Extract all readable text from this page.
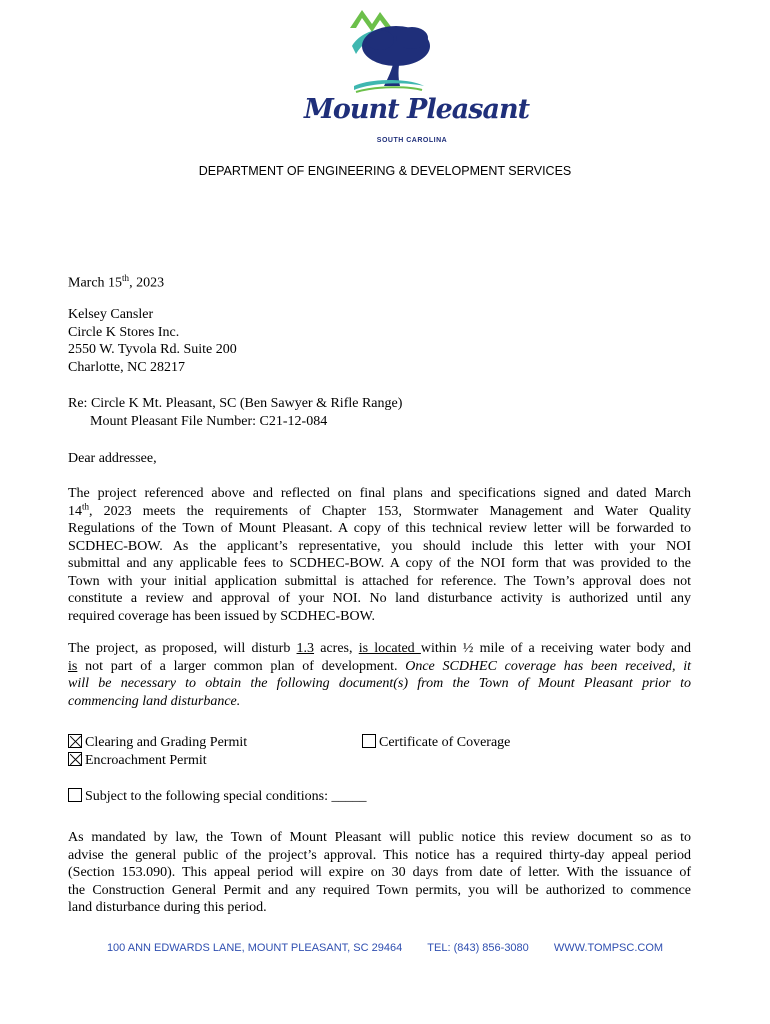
Mount Pleasant
SOUTH CAROLINA
DEPARTMENT OF ENGINEERING & DEVELOPMENT SERVICES
March 15th, 2023
Kelsey Cansler
Circle K Stores Inc.
2550 W. Tyvola Rd. Suite 200
Charlotte, NC 28217
Re: Circle K Mt. Pleasant, SC (Ben Sawyer & Rifle Range)
Mount Pleasant File Number: C21-12-084
Dear addressee,
The project referenced above and reflected on final plans and specifications signed and dated March
14th, 2023 meets the requirements of Chapter 153, Stormwater Management and Water Quality
Regulations of the Town of Mount Pleasant. A copy of this technical review letter will be forwarded to
SCDHEC-BOW. As the applicant’s representative, you should include this letter with your NOI
submittal and any applicable fees to SCDHEC-BOW. A copy of the NOI form that was provided to the
Town with your initial application submittal is attached for reference. The Town’s approval does not
constitute a review and approval of your NOI. No land disturbance activity is authorized until any
required coverage has been issued by SCDHEC-BOW.
The project, as proposed, will disturb 1.3 acres, is located within ½ mile of a receiving water body and
is not part of a larger common plan of development. Once SCDHEC coverage has been received, it
will be necessary to obtain the following document(s) from the Town of Mount Pleasant prior to
commencing land disturbance.
Clearing and Grading Permit	Certificate of Coverage
Encroachment Permit
Subject to the following special conditions: _____
As mandated by law, the Town of Mount Pleasant will public notice this review document so as to
advise the general public of the project’s approval. This notice has a required thirty-day appeal period
(Section 153.090). This appeal period will expire on 30 days from date of letter. With the issuance of
the Construction General Permit and any required Town permits, you will be authorized to commence
land disturbance during this period.
100 ANN EDWARDS LANE, MOUNT PLEASANT, SC 29464 TEL: (843) 856-3080 WWW.TOMPSC.COM
